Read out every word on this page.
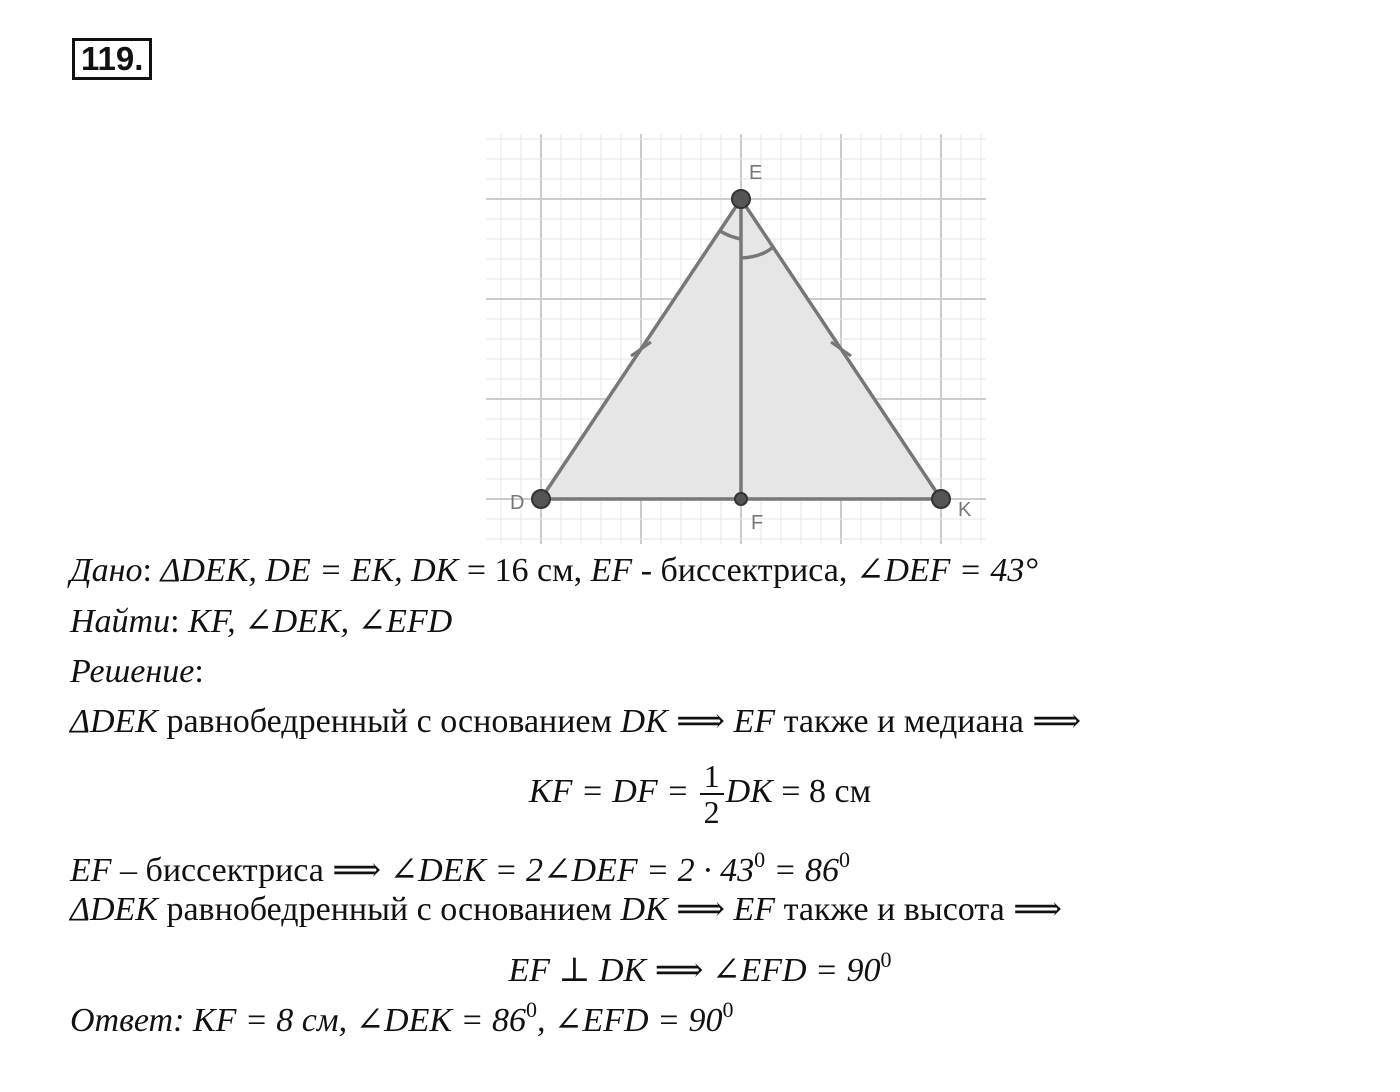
119.
E
D	K
F
Дано: ΔDEK, DE = EK, DK = 16 см, EF - биссектриса, ∠DEF = 43°
Найти: KF, ∠DEK, ∠EFD
Решение:
ΔDEK равнобедренный с основанием DK ⟹ EF также и медиана ⟹
KF = DF = $\frac{1}{2}$ DK = 8 см
EF – биссектриса ⟹ ∠DEK = 2∠DEF = $2 \cdot 43^0 = 86^0$
ΔDEK равнобедренный с основанием DK ⟹ EF также и высота ⟹
EF ⊥ DK ⟹ ∠EFD = $90^0$
Ответ: KF = 8 см, ∠DEK = $86^0$, ∠EFD = $90^0$
